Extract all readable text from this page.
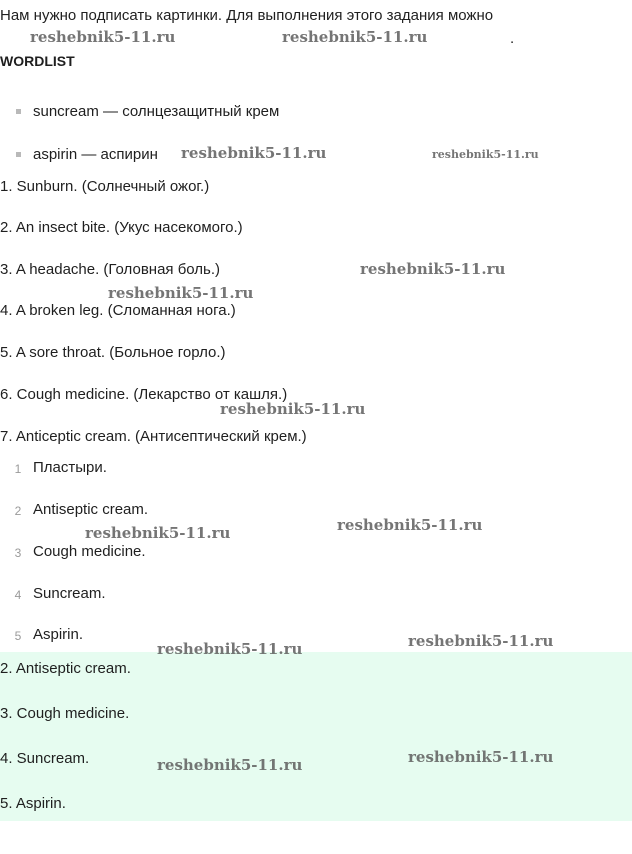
Нам нужно подписать картинки. Для выполнения этого задания можно
.
WORDLIST
suncream — солнцезащитный крем
aspirin — аспирин
1. Sunburn. (Солнечный ожог.)
2. An insect bite. (Укус насекомого.)
3. A headache. (Головная боль.)
4. A broken leg. (Сломанная нога.)
5. A sore throat. (Больное горло.)
6. Cough medicine. (Лекарство от кашля.)
7. Anticeptic cream. (Антисептический крем.)
1 Пластыри.
2 Antiseptic cream.
3 Cough medicine.
4 Suncream.
5 Aspirin.
2. Antiseptic cream.
3. Cough medicine.
4. Suncream.
5. Aspirin.
reshebnik5-11.ru	reshebnik5-11.ru
reshebnik5-11.ru	reshebnik5-11.ru
reshebnik5-11.ru
reshebnik5-11.ru
reshebnik5-11.ru
reshebnik5-11.ru
reshebnik5-11.ru
reshebnik5-11.ru
reshebnik5-11.ru
reshebnik5-11.ru
reshebnik5-11.ru
